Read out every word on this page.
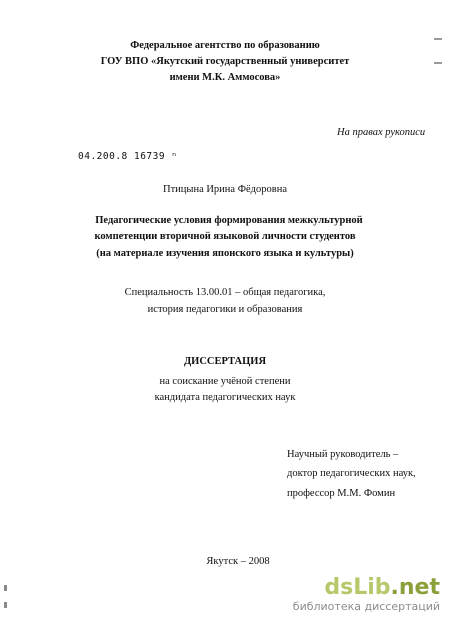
Федеральное агентство по образованию
ГОУ ВПО «Якутский государственный университет
имени М.К. Аммосова»
На правах рукописи
04.200.8 16739 ⁿ
Птицына Ирина Фёдоровна
Педагогические условия формирования межкультурной
компетенции вторичной языковой личности студентов
(на материале изучения японского языка и культуры)
Специальность 13.00.01 – общая педагогика,
история педагогики и образования
ДИССЕРТАЦИЯ
на соискание учёной степени
кандидата педагогических наук
Научный руководитель –
доктор педагогических наук,
профессор М.М. Фомин
Якутск – 2008
dsLib.net
библиотека диссертаций
